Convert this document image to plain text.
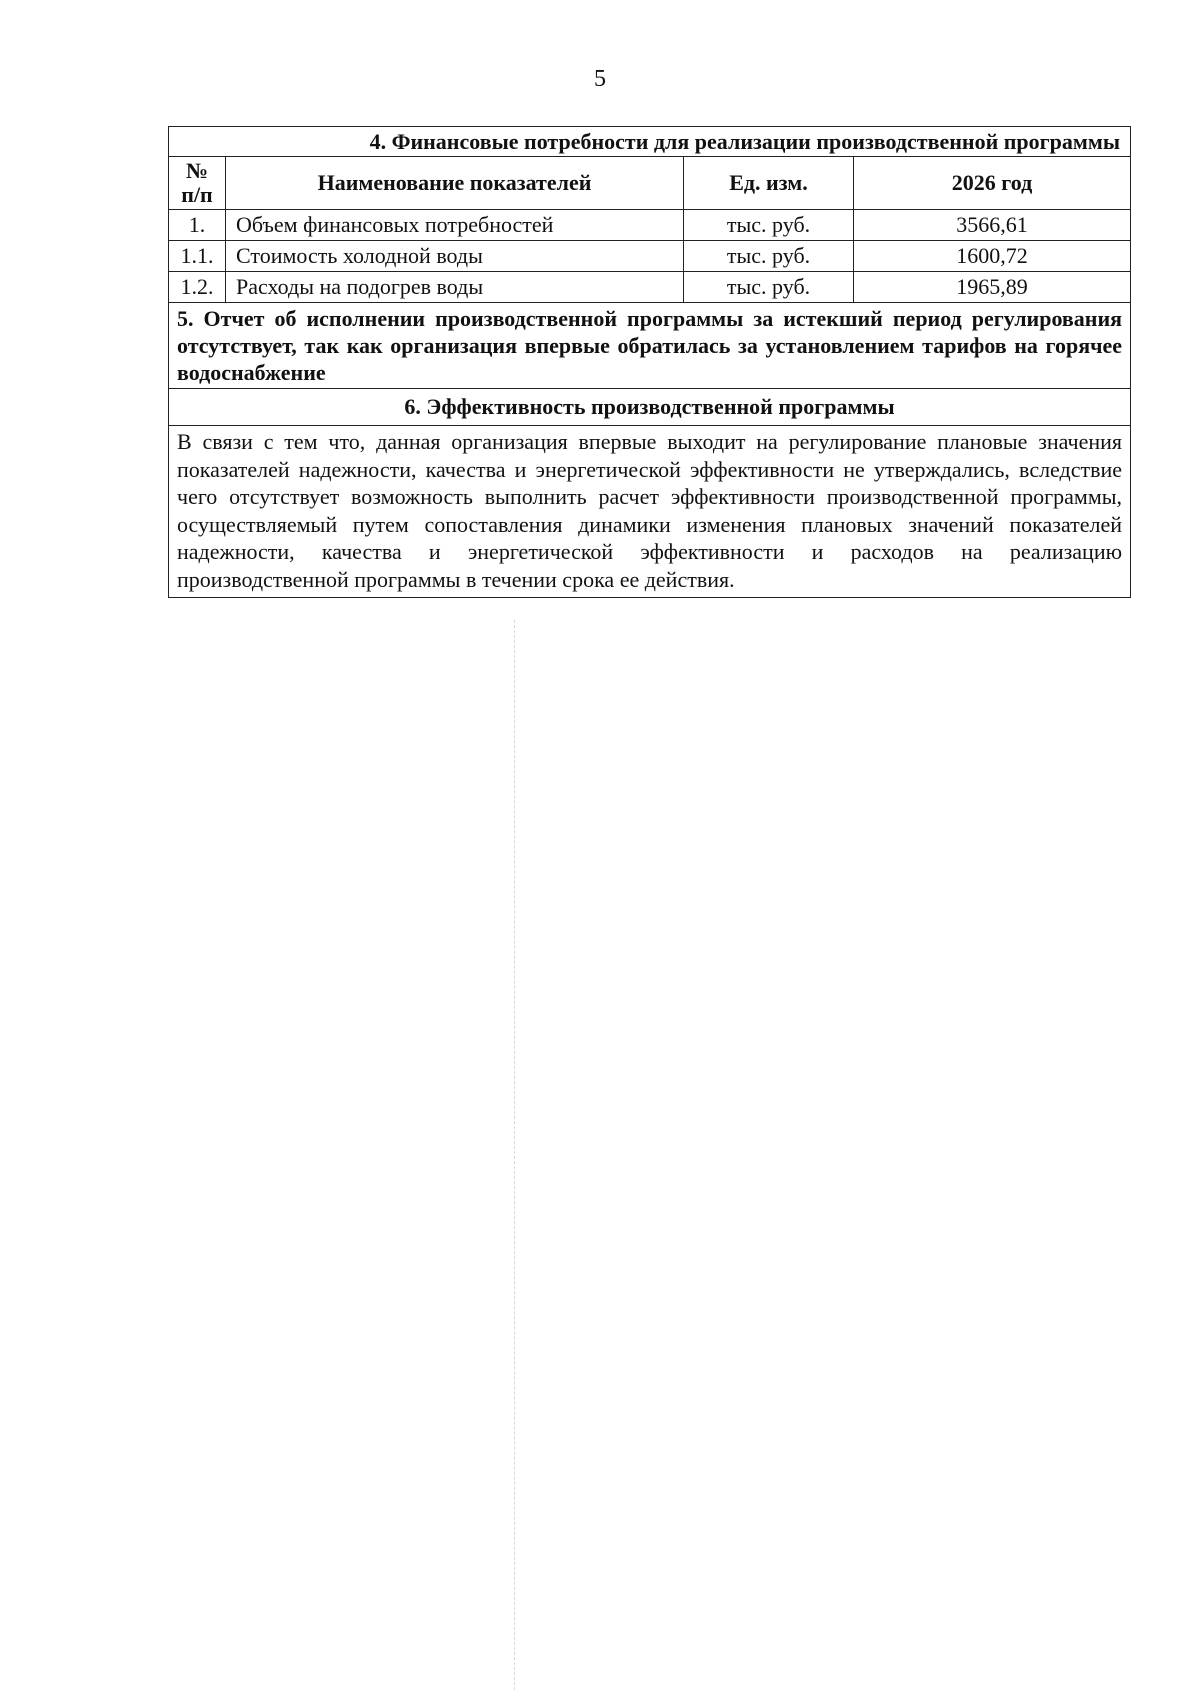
5
4. Финансовые потребности для реализации производственной программы			
№
п/п	Наименование показателей	Ед. изм.	2026 год
1.	Объем финансовых потребностей	тыс. руб.	3566,61
1.1.	Стоимость холодной воды	тыс. руб.	1600,72
1.2.	Расходы на подогрев воды	тыс. руб.	1965,89
5. Отчет об исполнении производственной программы за истекший период регулирования отсутствует, так как организация впервые обратилась за установлением тарифов на горячее водоснабжение			
6. Эффективность производственной программы			
В связи с тем что, данная организация впервые выходит на регулирование плановые значения показателей надежности, качества и энергетической эффективности не утверждались, вследствие чего отсутствует возможность выполнить расчет эффективности производственной программы, осуществляемый путем сопоставления динамики изменения плановых значений показателей надежности, качества и энергетической эффективности и расходов на реализацию производственной программы в течении срока ее действия.			
